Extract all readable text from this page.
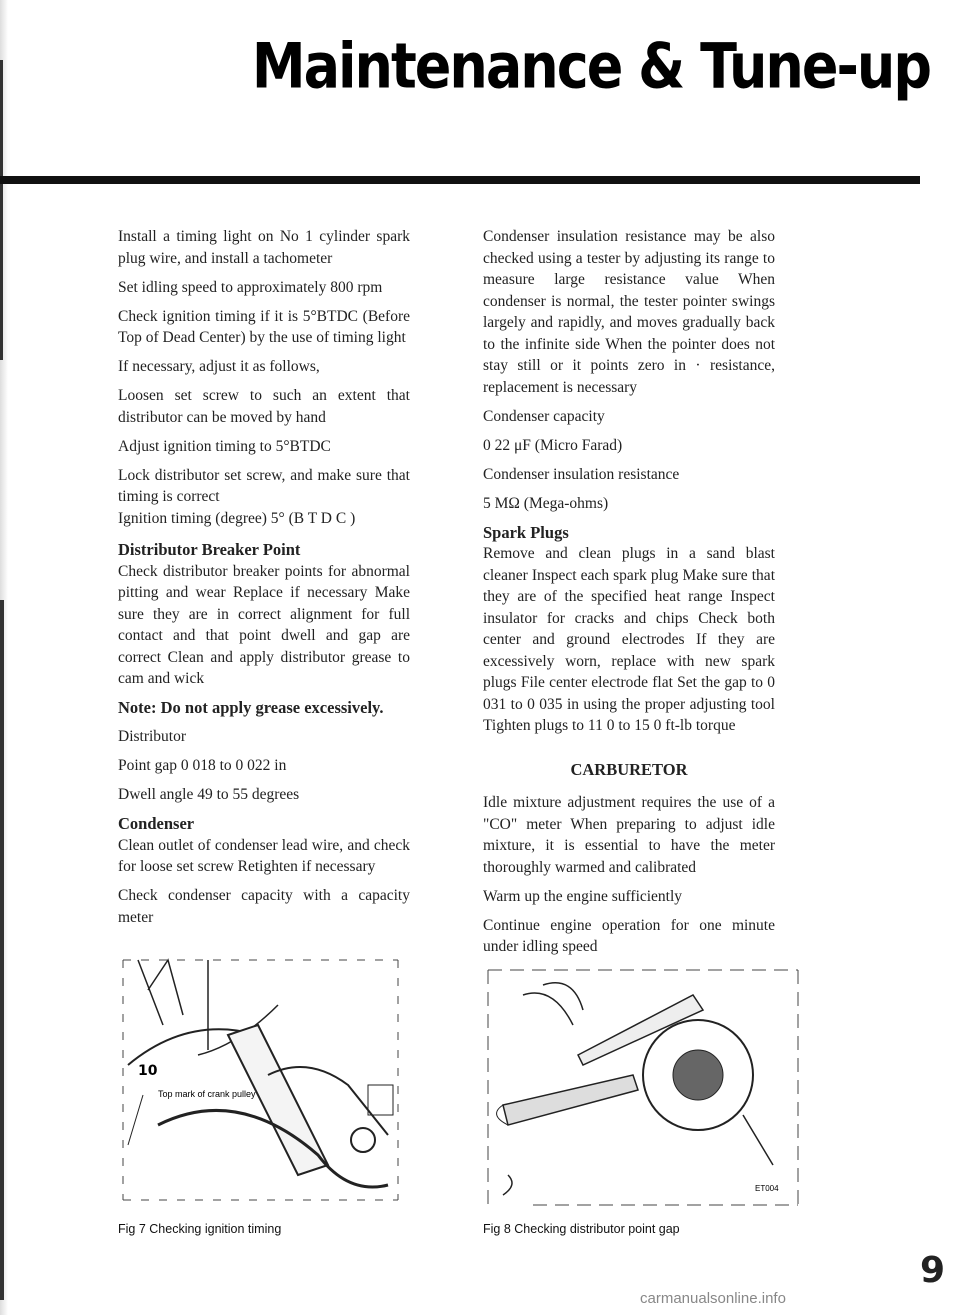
Maintenance & Tune-up

Install a timing light on No 1 cylinder spark plug wire, and install a tachometer

Set idling speed to approximately 800 rpm

Check ignition timing if it is 5°BTDC (Before Top of Dead Center) by the use of timing light

If necessary, adjust it as follows,

Loosen set screw to such an extent that distributor can be moved by hand

Adjust ignition timing to 5°BTDC

Lock distributor set screw, and make sure that timing is correct

Ignition timing (degree) 5° (B T D C )

Distributor Breaker Point

Check distributor breaker points for abnormal pitting and wear Replace if necessary Make sure they are in correct alignment for full contact and that point dwell and gap are correct Clean and apply distributor grease to cam and wick

Note: Do not apply grease excessively.

Distributor

Point gap 0 018 to 0 022 in

Dwell angle 49 to 55 degrees

Condenser

Clean outlet of condenser lead wire, and check for loose set screw Retighten if necessary

Check condenser capacity with a capacity meter

Condenser insulation resistance may be also checked using a tester by adjusting its range to measure large resistance value When condenser is normal, the tester pointer swings largely and rapidly, and moves gradually back to the infinite side When the pointer does not stay still or it points zero in · resistance, replacement is necessary

Condenser capacity

0 22 μF (Micro Farad)

Condenser insulation resistance

5 MΩ (Mega-ohms)

Spark Plugs

Remove and clean plugs in a sand blast cleaner Inspect each spark plug Make sure that they are of the specified heat range Inspect insulator for cracks and chips Check both center and ground electrodes If they are excessively worn, replace with new spark plugs File center electrode flat Set the gap to 0 031 to 0 035 in using the proper adjusting tool Tighten plugs to 11 0 to 15 0 ft-lb torque

CARBURETOR

Idle mixture adjustment requires the use of a "CO" meter When preparing to adjust idle mixture, it is essential to have the meter thoroughly warmed and calibrated

Warm up the engine sufficiently

Continue engine operation for one minute under idling speed

10
Top mark of crank pulley
Fig 7 Checking ignition timing
ET004
Fig 8 Checking distributor point gap
9
carmanualsonline.info
